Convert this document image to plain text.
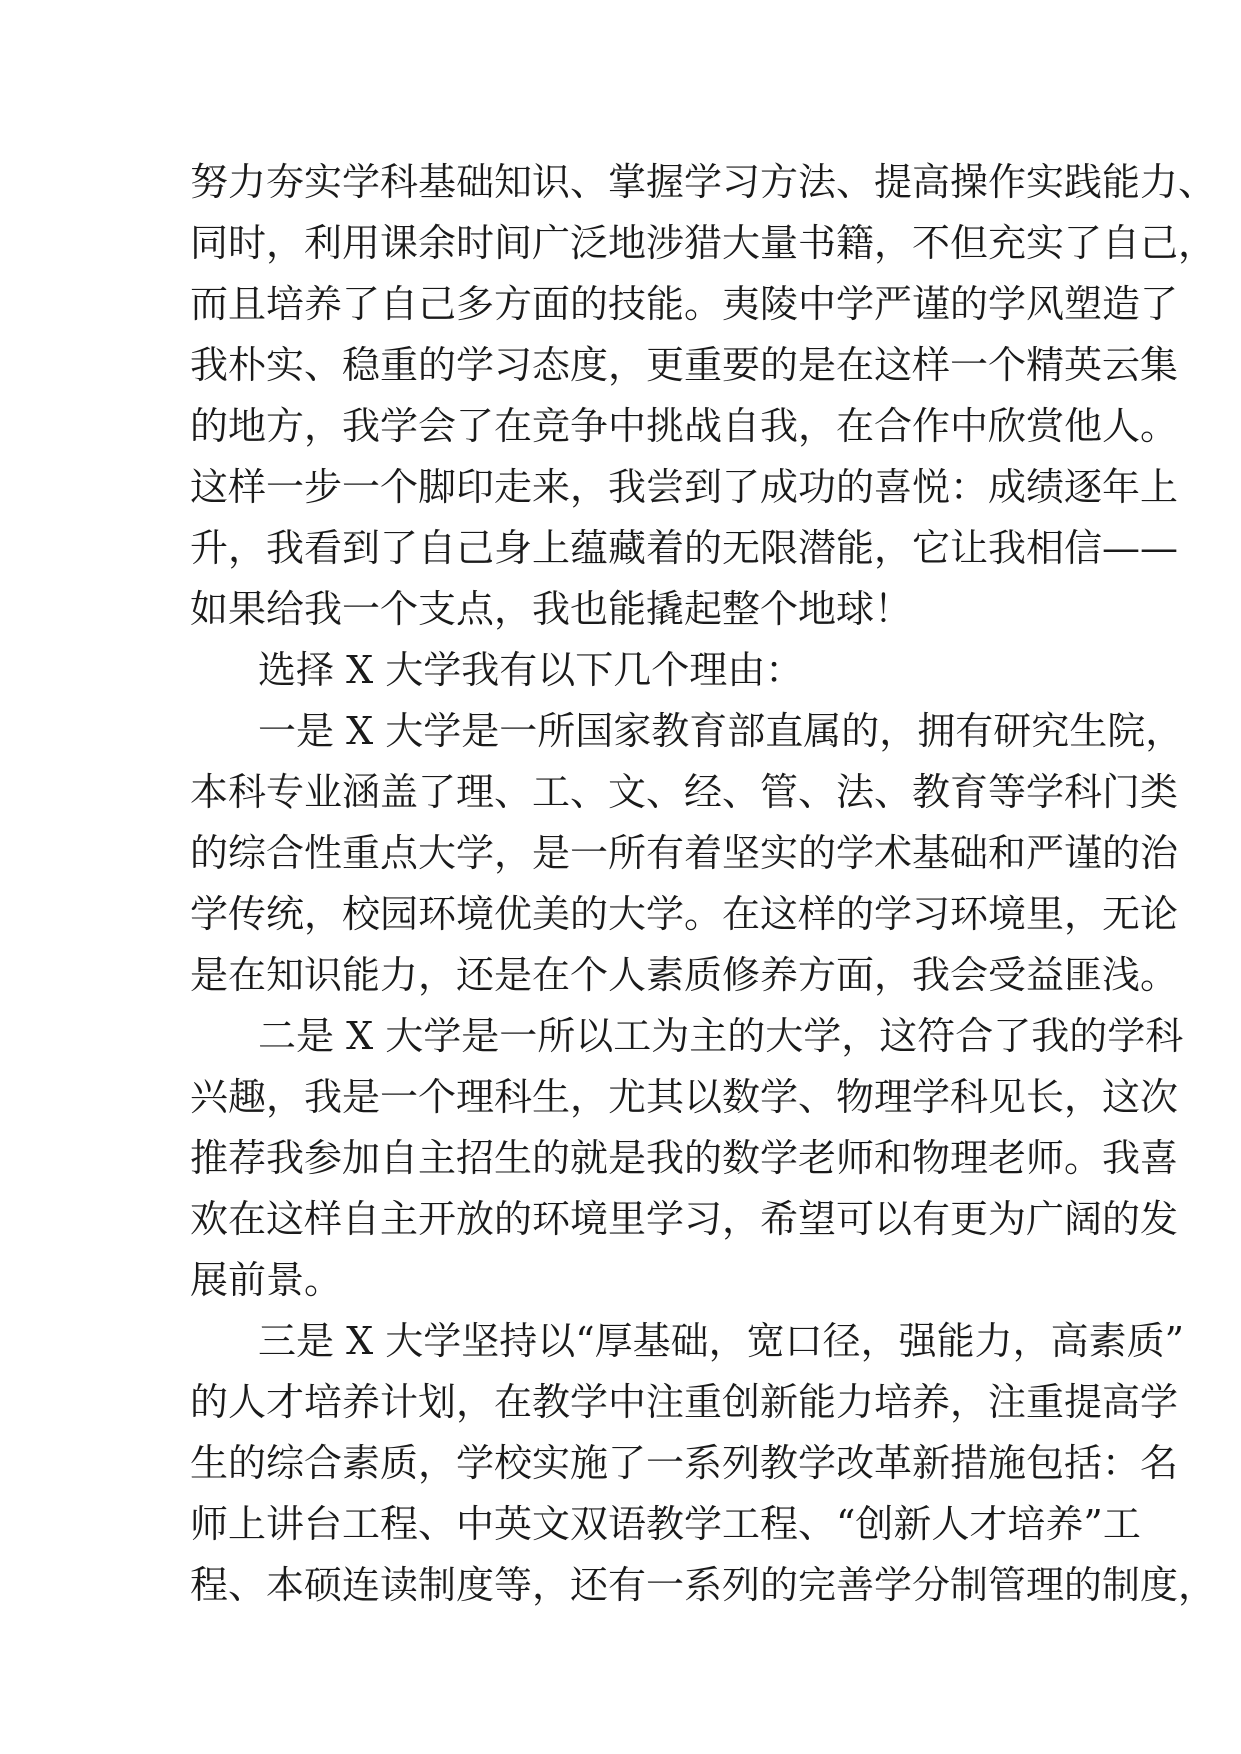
努力夯实学科基础知识、掌握学习方法、提高操作实践能力、
同时，利用课余时间广泛地涉猎大量书籍，不但充实了自己，
而且培养了自己多方面的技能。夷陵中学严谨的学风塑造了
我朴实、稳重的学习态度，更重要的是在这样一个精英云集
的地方，我学会了在竞争中挑战自我，在合作中欣赏他人。
这样一步一个脚印走来，我尝到了成功的喜悦：成绩逐年上
升，我看到了自己身上蕴藏着的无限潜能，它让我相信——
如果给我一个支点，我也能撬起整个地球！
选择 X 大学我有以下几个理由：
一是 X 大学是一所国家教育部直属的，拥有研究生院，
本科专业涵盖了理、工、文、经、管、法、教育等学科门类
的综合性重点大学，是一所有着坚实的学术基础和严谨的治
学传统，校园环境优美的大学。在这样的学习环境里，无论
是在知识能力，还是在个人素质修养方面，我会受益匪浅。
二是 X 大学是一所以工为主的大学，这符合了我的学科
兴趣，我是一个理科生，尤其以数学、物理学科见长，这次
推荐我参加自主招生的就是我的数学老师和物理老师。我喜
欢在这样自主开放的环境里学习，希望可以有更为广阔的发
展前景。
三是 X 大学坚持以“厚基础，宽口径，强能力，高素质”
的人才培养计划，在教学中注重创新能力培养，注重提高学
生的综合素质，学校实施了一系列教学改革新措施包括：名
师上讲台工程、中英文双语教学工程、“创新人才培养”工
程、本硕连读制度等，还有一系列的完善学分制管理的制度，
